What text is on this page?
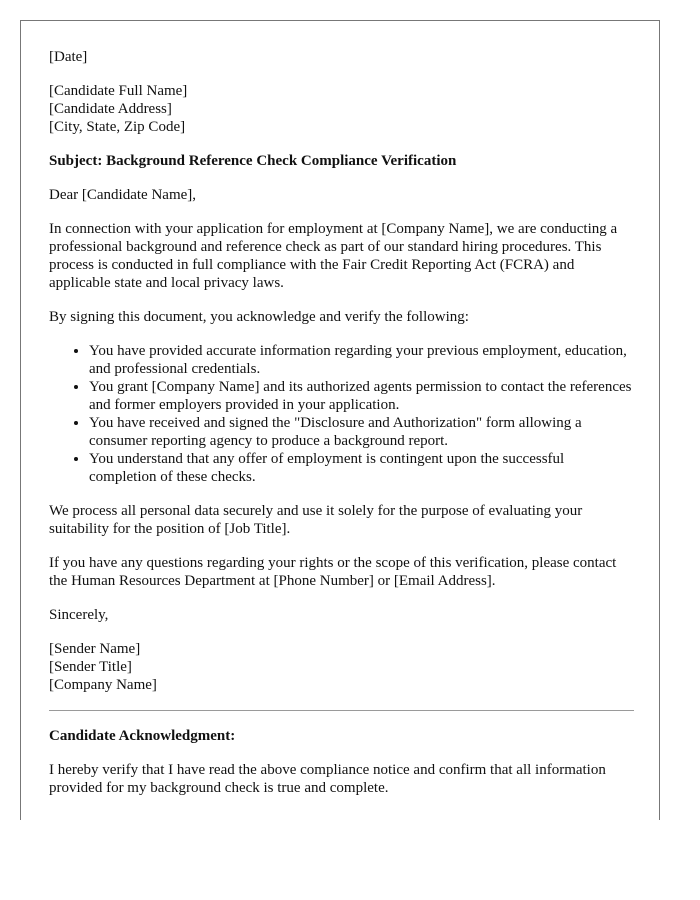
[Date]
[Candidate Full Name]
[Candidate Address]
[City, State, Zip Code]
Subject: Background Reference Check Compliance Verification
Dear [Candidate Name],
In connection with your application for employment at [Company Name], we are conducting a professional background and reference check as part of our standard hiring procedures. This process is conducted in full compliance with the Fair Credit Reporting Act (FCRA) and applicable state and local privacy laws.
By signing this document, you acknowledge and verify the following:
• You have provided accurate information regarding your previous employment, education, and professional credentials.
• You grant [Company Name] and its authorized agents permission to contact the references and former employers provided in your application.
• You have received and signed the "Disclosure and Authorization" form allowing a consumer reporting agency to produce a background report.
• You understand that any offer of employment is contingent upon the successful completion of these checks.
We process all personal data securely and use it solely for the purpose of evaluating your suitability for the position of [Job Title].
If you have any questions regarding your rights or the scope of this verification, please contact the Human Resources Department at [Phone Number] or [Email Address].
Sincerely,
[Sender Name]
[Sender Title]
[Company Name]
Candidate Acknowledgment:
I hereby verify that I have read the above compliance notice and confirm that all information provided for my background check is true and complete.
